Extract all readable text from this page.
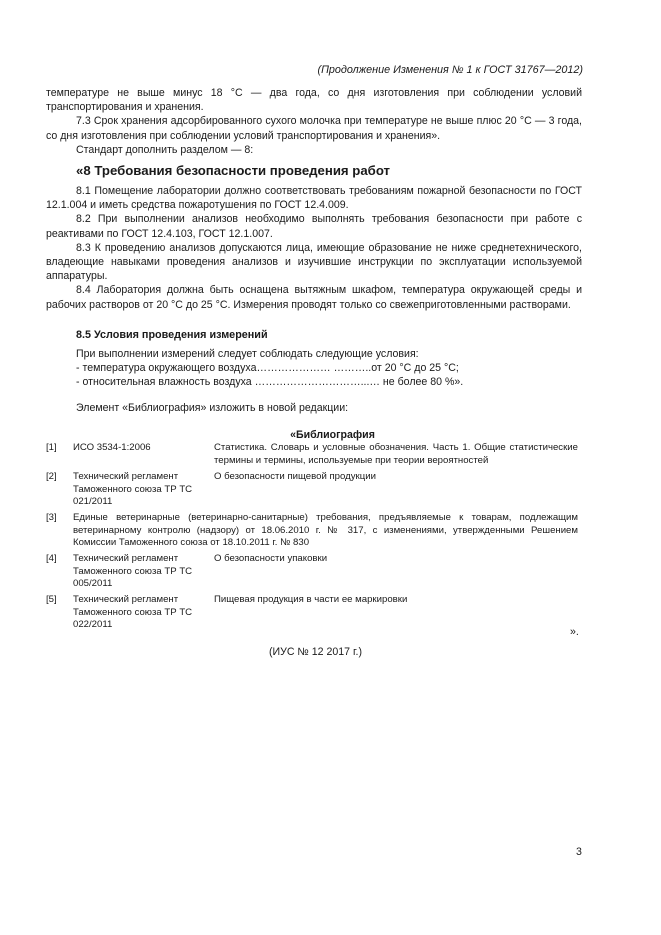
(Продолжение Изменения № 1 к ГОСТ 31767—2012)

температуре не выше минус 18 °С — два года, со дня изготовления при соблюдении условий транспортирования и хранения.

7.3 Срок хранения адсорбированного сухого молочка при температуре не выше плюс 20 °С — 3 года, со дня изготовления при соблюдении условий транспортирования и хранения».

Стандарт дополнить разделом — 8:

«8 Требования безопасности проведения работ

8.1 Помещение лаборатории должно соответствовать требованиям пожарной безопасности по ГОСТ 12.1.004 и иметь средства пожаротушения по ГОСТ 12.4.009.

8.2 При выполнении анализов необходимо выполнять требования безопасности при работе с реактивами по ГОСТ 12.4.103, ГОСТ 12.1.007.

8.3 К проведению анализов допускаются лица, имеющие образование не ниже среднетехнического, владеющие навыками проведения анализов и изучившие инструкции по эксплуатации используемой аппаратуры.

8.4 Лаборатория должна быть оснащена вытяжным шкафом, температура окружающей среды и рабочих растворов от 20 °С до 25 °С. Измерения проводят только со свежеприготовленными растворами.

8.5 Условия проведения измерений
При выполнении измерений следует соблюдать следующие условия:
- температура окружающего воздуха………………… ………..от 20 °С до 25 °С;
- относительная влажность воздуха …………………………...… не более 80 %».
Элемент «Библиография» изложить в новой редакции:
«Библиография
[1] ИСО 3534-1:2006	Статистика. Словарь и условные обозначения. Часть 1. Общие статистические термины и термины, используемые при теории вероятностей
[2] Технический регламент Таможенного союза ТР ТС 021/2011
О безопасности пищевой продукции
[3] Единые ветеринарные (ветеринарно-санитарные) требования, предъявляемые к товарам, подлежащим ветеринарному контролю (надзору) от 18.06.2010 г. № 317, с изменениями, утвержденными Решением Комиссии Таможенного союза от 18.10.2011 г. № 830
[4] Технический регламент Таможенного союза ТР ТС 005/2011
О безопасности упаковки
[5] Технический регламент Таможенного союза ТР ТС 022/2011
Пищевая продукция в части ее маркировки
».
(ИУС № 12 2017 г.)
3
